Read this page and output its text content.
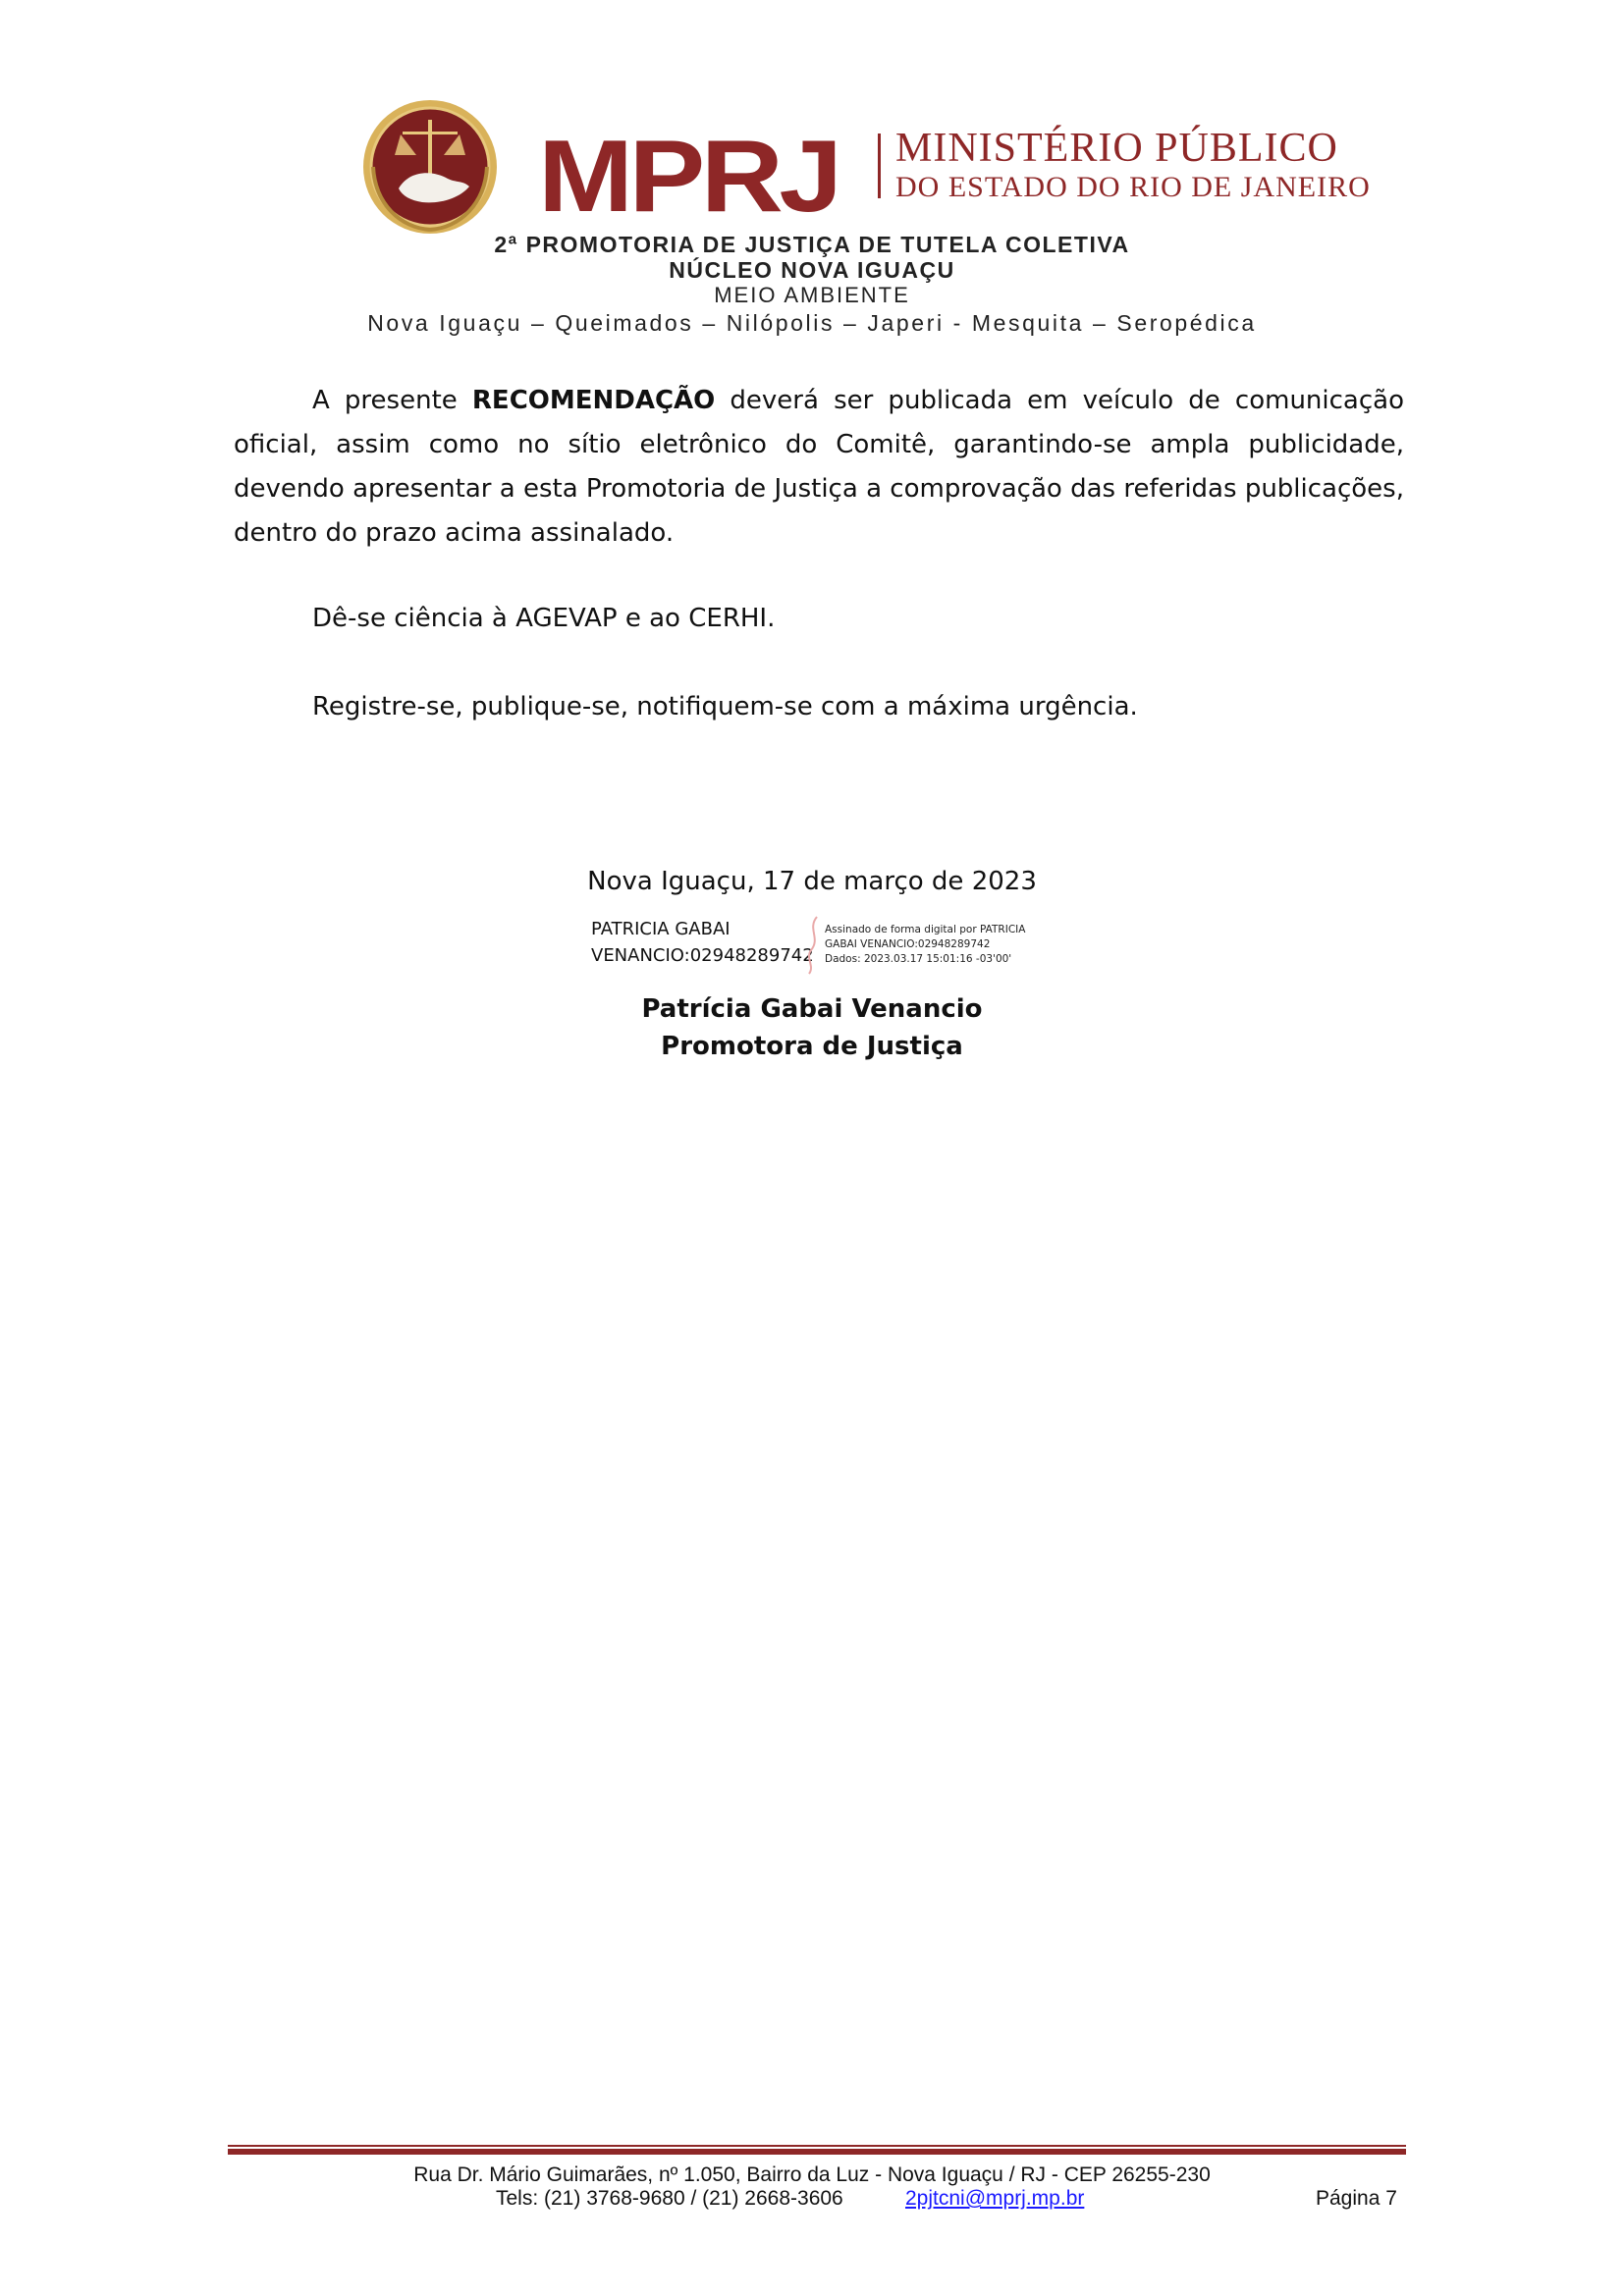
MPRJ MINISTÉRIO PÚBLICO
DO ESTADO DO RIO DE JANEIRO
2ª PROMOTORIA DE JUSTIÇA DE TUTELA COLETIVA
NÚCLEO NOVA IGUAÇU
MEIO AMBIENTE
Nova Iguaçu – Queimados – Nilópolis – Japeri - Mesquita – Seropédica

A presente RECOMENDAÇÃO deverá ser publicada em veículo de comunicação oficial, assim como no sítio eletrônico do Comitê, garantindo-se ampla publicidade, devendo apresentar a esta Promotoria de Justiça a comprovação das referidas publicações, dentro do prazo acima assinalado.

Dê-se ciência à AGEVAP e ao CERHI.
Registre-se, publique-se, notifiquem-se com a máxima urgência.
Nova Iguaçu, 17 de março de 2023
PATRICIA GABAI
VENANCIO:02948289742
Assinado de forma digital por PATRICIA
GABAI VENANCIO:02948289742
Dados: 2023.03.17 15:01:16 -03'00'
Patrícia Gabai Venancio
Promotora de Justiça
Rua Dr. Mário Guimarães, nº 1.050, Bairro da Luz - Nova Iguaçu / RJ - CEP 26255-230
Tels: (21) 3768-9680 / (21) 2668-3606	2pjtcni@mprj.mp.br	Página 7
